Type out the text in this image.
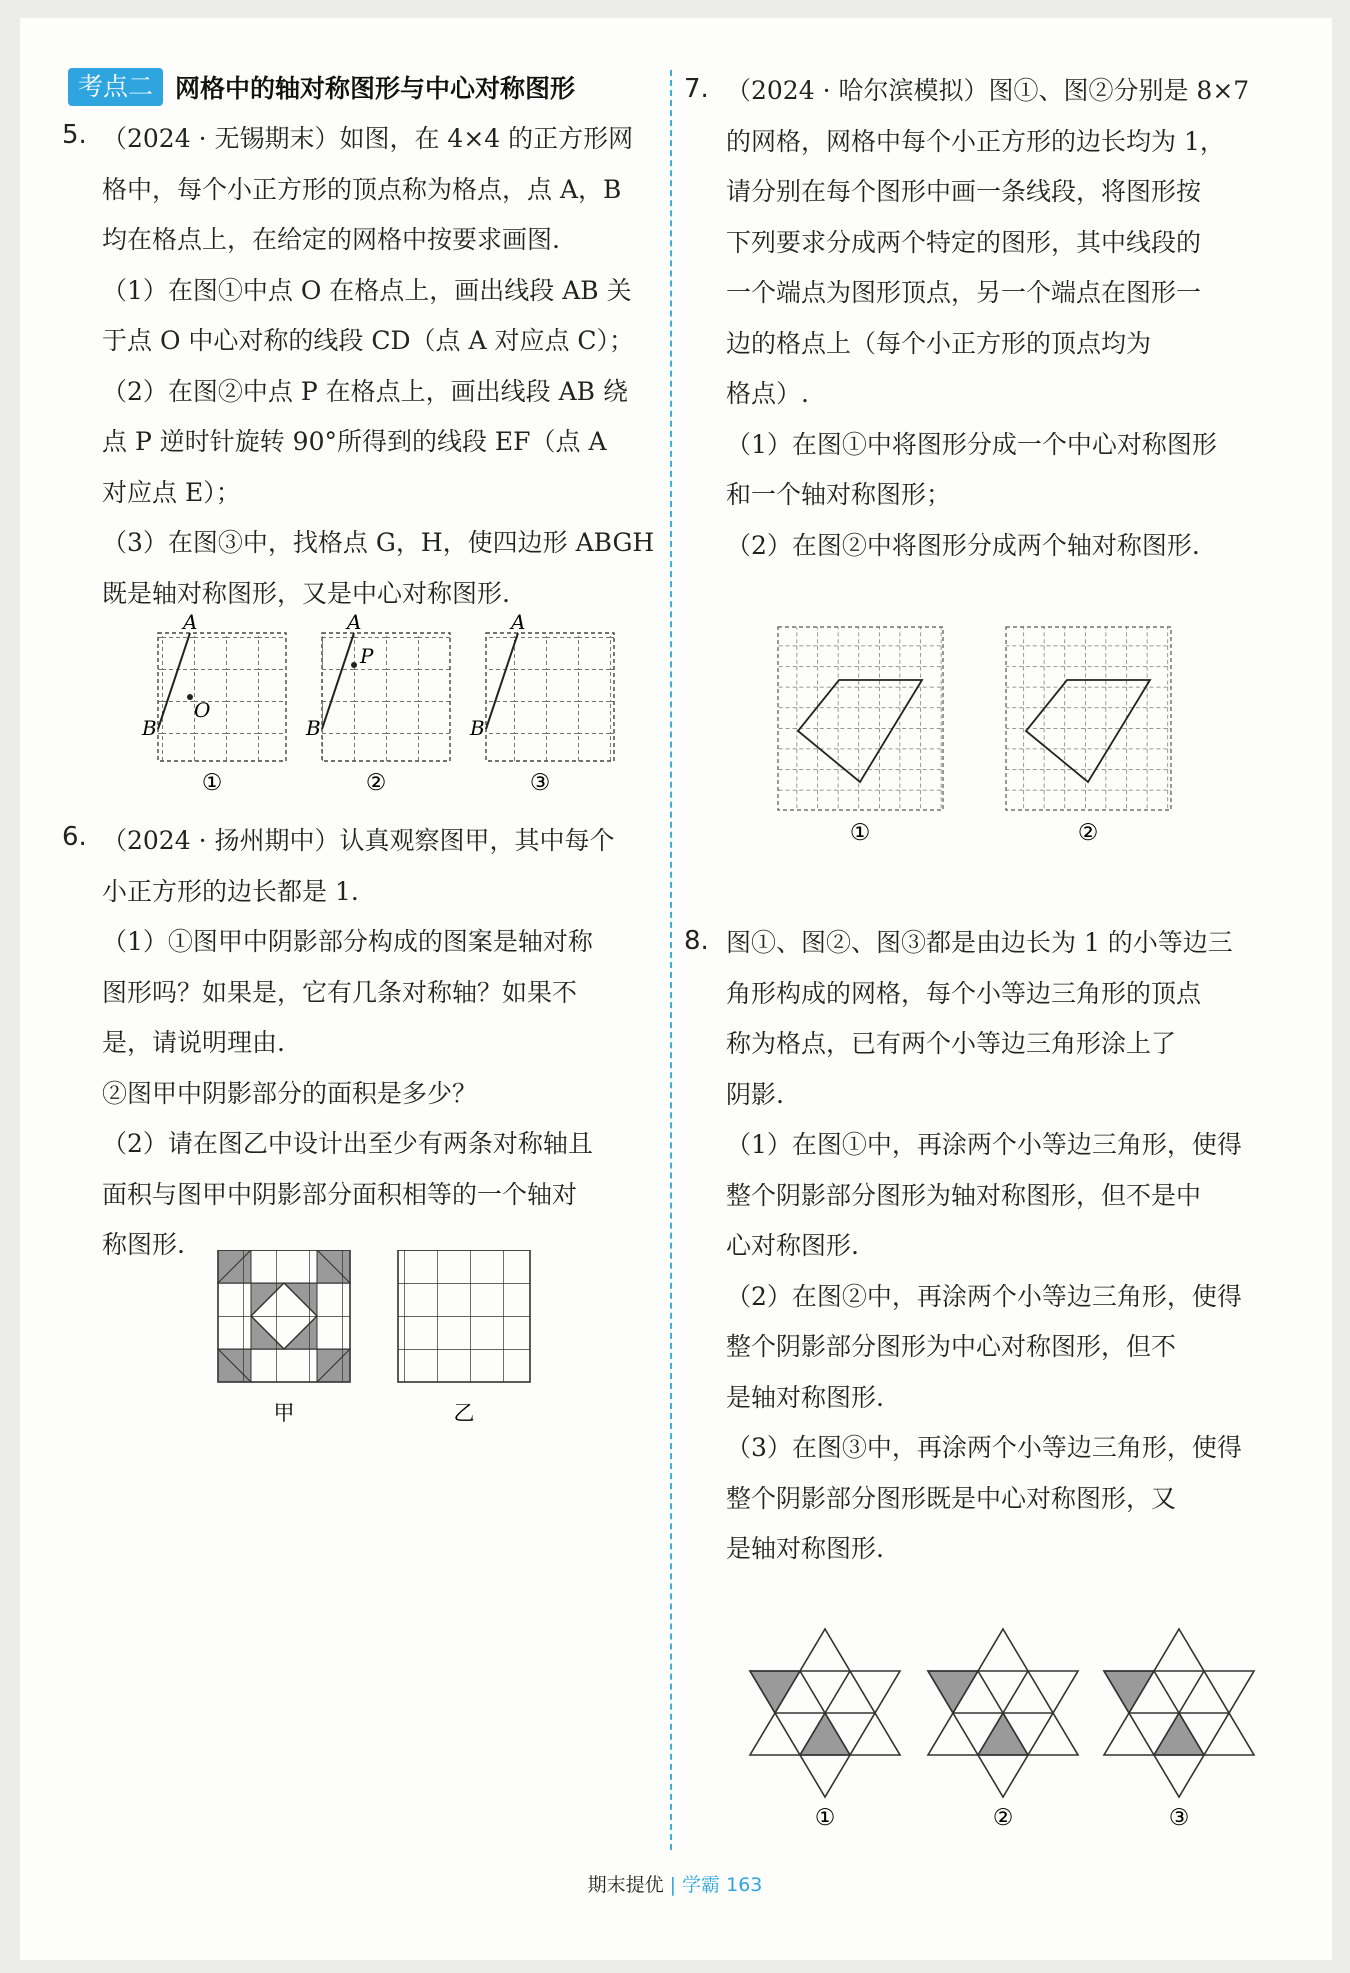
考点二 网格中的轴对称图形与中心对称图形
5. （2024 · 无锡期末）如图，在 4×4 的正方形网

格中，每个小正方形的顶点称为格点，点 A，B

均在格点上，在给定的网格中按要求画图.

（1）在图①中点 O 在格点上，画出线段 AB 关

于点 O 中心对称的线段 CD（点 A 对应点 C）；

（2）在图②中点 P 在格点上，画出线段 AB 绕

点 P 逆时针旋转 90°所得到的线段 EF（点 A

对应点 E）；

（3）在图③中，找格点 G，H，使四边形 ABGH

既是轴对称图形，又是中心对称图形.

A
B
O
①
A
B
P
②
A
B
③
6. （2024 · 扬州期中）认真观察图甲，其中每个

小正方形的边长都是 1.

（1）①图甲中阴影部分构成的图案是轴对称

图形吗？如果是，它有几条对称轴？如果不

是，请说明理由.

②图甲中阴影部分的面积是多少？

（2）请在图乙中设计出至少有两条对称轴且

面积与图甲中阴影部分面积相等的一个轴对

称图形.

甲	乙
7. （2024 · 哈尔滨模拟）图①、图②分别是 8×7

的网格，网格中每个小正方形的边长均为 1，

请分别在每个图形中画一条线段，将图形按

下列要求分成两个特定的图形，其中线段的

一个端点为图形顶点，另一个端点在图形一

边的格点上（每个小正方形的顶点均为

格点）.

（1）在图①中将图形分成一个中心对称图形

和一个轴对称图形；

（2）在图②中将图形分成两个轴对称图形.

①	②
8. 图①、图②、图③都是由边长为 1 的小等边三

角形构成的网格，每个小等边三角形的顶点

称为格点，已有两个小等边三角形涂上了

阴影.

（1）在图①中，再涂两个小等边三角形，使得

整个阴影部分图形为轴对称图形，但不是中

心对称图形.

（2）在图②中，再涂两个小等边三角形，使得

整个阴影部分图形为中心对称图形，但不

是轴对称图形.

（3）在图③中，再涂两个小等边三角形，使得

整个阴影部分图形既是中心对称图形，又

是轴对称图形.

①	②	③
期末提优 | 学霸 163
